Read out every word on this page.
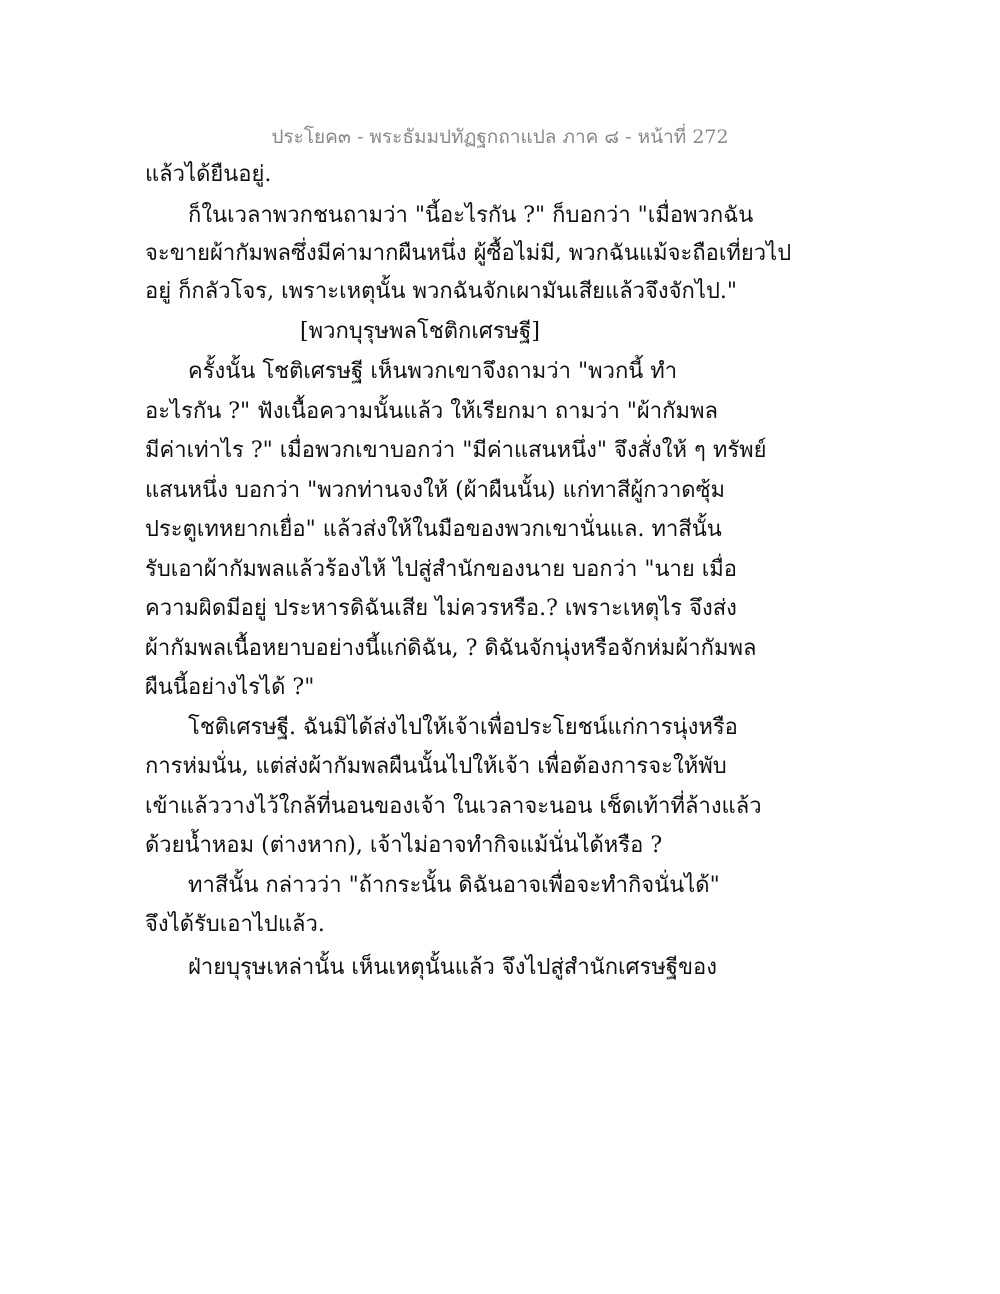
ประโยค๓ - พระธัมมปทัฏฐกถาแปล ภาค ๘ - หน้าที่ 272
แล้วได้ยืนอยู่.
ก็ในเวลาพวกชนถามว่า "นี้อะไรกัน ?" ก็บอกว่า "เมื่อพวกฉัน
จะขายผ้ากัมพลซึ่งมีค่ามากผืนหนึ่ง ผู้ซื้อไม่มี, พวกฉันแม้จะถือเที่ยวไป
อยู่ ก็กลัวโจร, เพราะเหตุนั้น พวกฉันจักเผามันเสียแล้วจึงจักไป."
[พวกบุรุษพลโชติกเศรษฐี]
ครั้งนั้น โชติเศรษฐี เห็นพวกเขาจึงถามว่า "พวกนี้ ทำ
อะไรกัน ?" ฟังเนื้อความนั้นแล้ว ให้เรียกมา ถามว่า "ผ้ากัมพล
มีค่าเท่าไร ?" เมื่อพวกเขาบอกว่า "มีค่าแสนหนึ่ง" จึงสั่งให้ ๆ ทรัพย์
แสนหนึ่ง บอกว่า "พวกท่านจงให้ (ผ้าผืนนั้น) แก่ทาสีผู้กวาดซุ้ม
ประตูเทหยากเยื่อ" แล้วส่งให้ในมือของพวกเขานั่นแล. ทาสีนั้น
รับเอาผ้ากัมพลแล้วร้องไห้ ไปสู่สำนักของนาย บอกว่า "นาย เมื่อ
ความผิดมีอยู่ ประหารดิฉันเสีย ไม่ควรหรือ.? เพราะเหตุไร จึงส่ง
ผ้ากัมพลเนื้อหยาบอย่างนี้แก่ดิฉัน, ? ดิฉันจักนุ่งหรือจักห่มผ้ากัมพล
ผืนนี้อย่างไรได้ ?"
โชติเศรษฐี. ฉันมิได้ส่งไปให้เจ้าเพื่อประโยชน์แก่การนุ่งหรือ
การห่มนั่น, แต่ส่งผ้ากัมพลผืนนั้นไปให้เจ้า เพื่อต้องการจะให้พับ
เข้าแล้ววางไว้ใกล้ที่นอนของเจ้า ในเวลาจะนอน เช็ดเท้าที่ล้างแล้ว
ด้วยน้ำหอม (ต่างหาก), เจ้าไม่อาจทำกิจแม้นั่นได้หรือ ?
ทาสีนั้น กล่าวว่า "ถ้ากระนั้น ดิฉันอาจเพื่อจะทำกิจนั่นได้"
จึงได้รับเอาไปแล้ว.
ฝ่ายบุรุษเหล่านั้น เห็นเหตุนั้นแล้ว จึงไปสู่สำนักเศรษฐีของ
